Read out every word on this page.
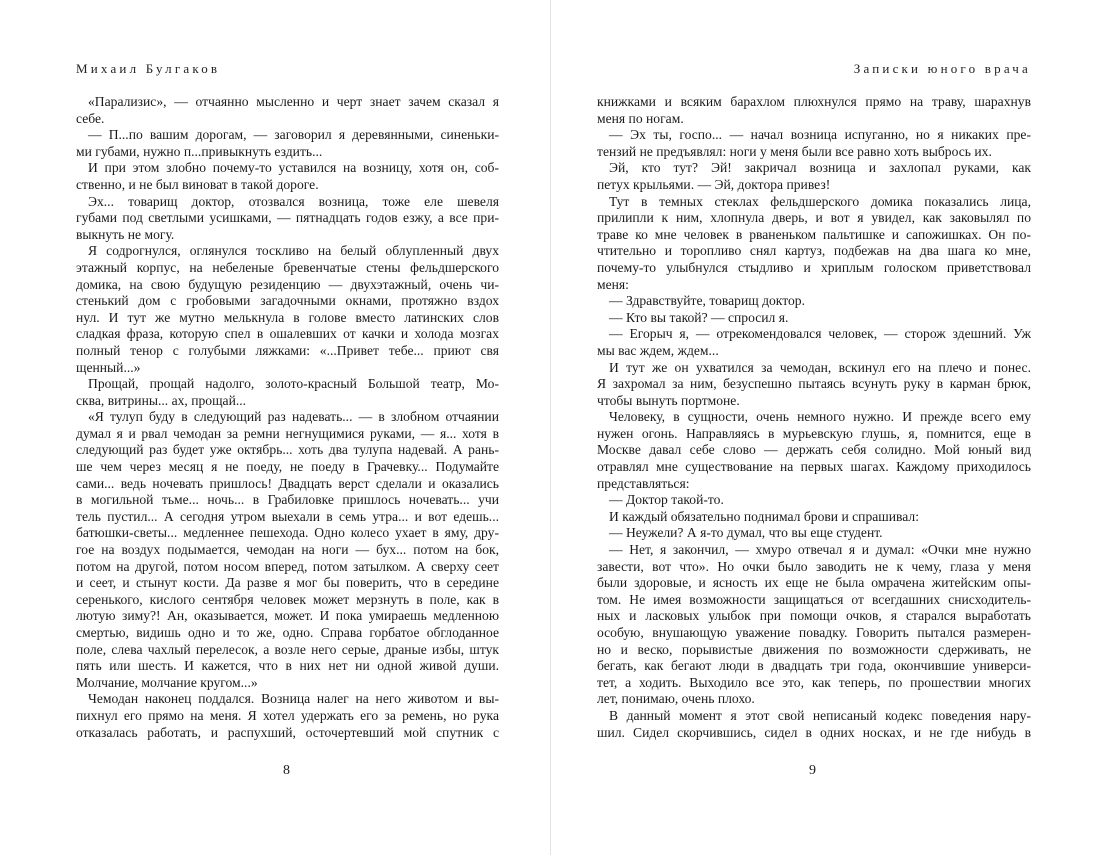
Михаил Булгаков	Записки юного врача
«Парализис», — отчаянно мысленно и черт знает зачем сказал я
себе.
— П...по вашим дорогам, — заговорил я деревянными, синеньки-
ми губами, нужно п...привыкнуть ездить...
И при этом злобно почему-то уставился на возницу, хотя он, соб-
ственно, и не был виноват в такой дороге.
Эх... товарищ доктор, отозвался возница, тоже еле шевеля
губами под светлыми усишками, — пятнадцать годов езжу, а все при-
выкнуть не могу.
Я содрогнулся, оглянулся тоскливо на белый облупленный двух
этажный корпус, на небеленые бревенчатые стены фельдшерского
домика, на свою будущую резиденцию — двухэтажный, очень чи-
стенький дом с гробовыми загадочными окнами, протяжно вздох
нул. И тут же мутно мелькнула в голове вместо латинских слов
сладкая фраза, которую спел в ошалевших от качки и холода мозгах
полный тенор с голубыми ляжками: «...Привет тебе... приют свя
щенный...»
Прощай, прощай надолго, золото-красный Большой театр, Мо-
сква, витрины... ах, прощай...
«Я тулуп буду в следующий раз надевать... — в злобном отчаянии
думал я и рвал чемодан за ремни негнущимися руками, — я... хотя в
следующий раз будет уже октябрь... хоть два тулупа надевай. А рань-
ше чем через месяц я не поеду, не поеду в Грачевку... Подумайте
сами... ведь ночевать пришлось! Двадцать верст сделали и оказались
в могильной тьме... ночь... в Грабиловке пришлось ночевать... учи
тель пустил... А сегодня утром выехали в семь утра... и вот едешь...
батюшки-светы... медленнее пешехода. Одно колесо ухает в яму, дру-
гое на воздух подымается, чемодан на ноги — бух... потом на бок,
потом на другой, потом носом вперед, потом затылком. А сверху сеет
и сеет, и стынут кости. Да разве я мог бы поверить, что в середине
серенького, кислого сентября человек может мерзнуть в поле, как в
лютую зиму?! Ан, оказывается, может. И пока умираешь медленною
смертью, видишь одно и то же, одно. Справа горбатое обглоданное
поле, слева чахлый перелесок, а возле него серые, драные избы, штук
пять или шесть. И кажется, что в них нет ни одной живой души.
Молчание, молчание кругом...»
Чемодан наконец поддался. Возница налег на него животом и вы-
пихнул его прямо на меня. Я хотел удержать его за ремень, но рука
отказалась работать, и распухший, осточертевший мой спутник с
книжками и всяким барахлом плюхнулся прямо на траву, шарахнув
меня по ногам.
— Эх ты, госпо... — начал возница испуганно, но я никаких пре-
тензий не предъявлял: ноги у меня были все равно хоть выбрось их.
Эй, кто тут? Эй! закричал возница и захлопал руками, как
петух крыльями. — Эй, доктора привез!
Тут в темных стеклах фельдшерского домика показались лица,
прилипли к ним, хлопнула дверь, и вот я увидел, как заковылял по
траве ко мне человек в рваненьком пальтишке и сапожишках. Он по-
чтительно и торопливо снял картуз, подбежав на два шага ко мне,
почему-то улыбнулся стыдливо и хриплым голоском приветствовал
меня:
— Здравствуйте, товарищ доктор.
— Кто вы такой? — спросил я.
— Егорыч я, — отрекомендовался человек, — сторож здешний. Уж
мы вас ждем, ждем...
И тут же он ухватился за чемодан, вскинул его на плечо и понес.
Я захромал за ним, безуспешно пытаясь всунуть руку в карман брюк,
чтобы вынуть портмоне.
Человеку, в сущности, очень немного нужно. И прежде всего ему
нужен огонь. Направляясь в мурьевскую глушь, я, помнится, еще в
Москве давал себе слово — держать себя солидно. Мой юный вид
отравлял мне существование на первых шагах. Каждому приходилось
представляться:
— Доктор такой-то.
И каждый обязательно поднимал брови и спрашивал:
— Неужели? А я-то думал, что вы еще студент.
— Нет, я закончил, — хмуро отвечал я и думал: «Очки мне нужно
завести, вот что». Но очки было заводить не к чему, глаза у меня
были здоровые, и ясность их еще не была омрачена житейским опы-
том. Не имея возможности защищаться от всегдашних снисходитель-
ных и ласковых улыбок при помощи очков, я старался выработать
особую, внушающую уважение повадку. Говорить пытался размерен-
но и веско, порывистые движения по возможности сдерживать, не
бегать, как бегают люди в двадцать три года, окончившие универси-
тет, а ходить. Выходило все это, как теперь, по прошествии многих
лет, понимаю, очень плохо.
В данный момент я этот свой неписаный кодекс поведения нару-
шил. Сидел скорчившись, сидел в одних носках, и не где нибудь в
8	9
